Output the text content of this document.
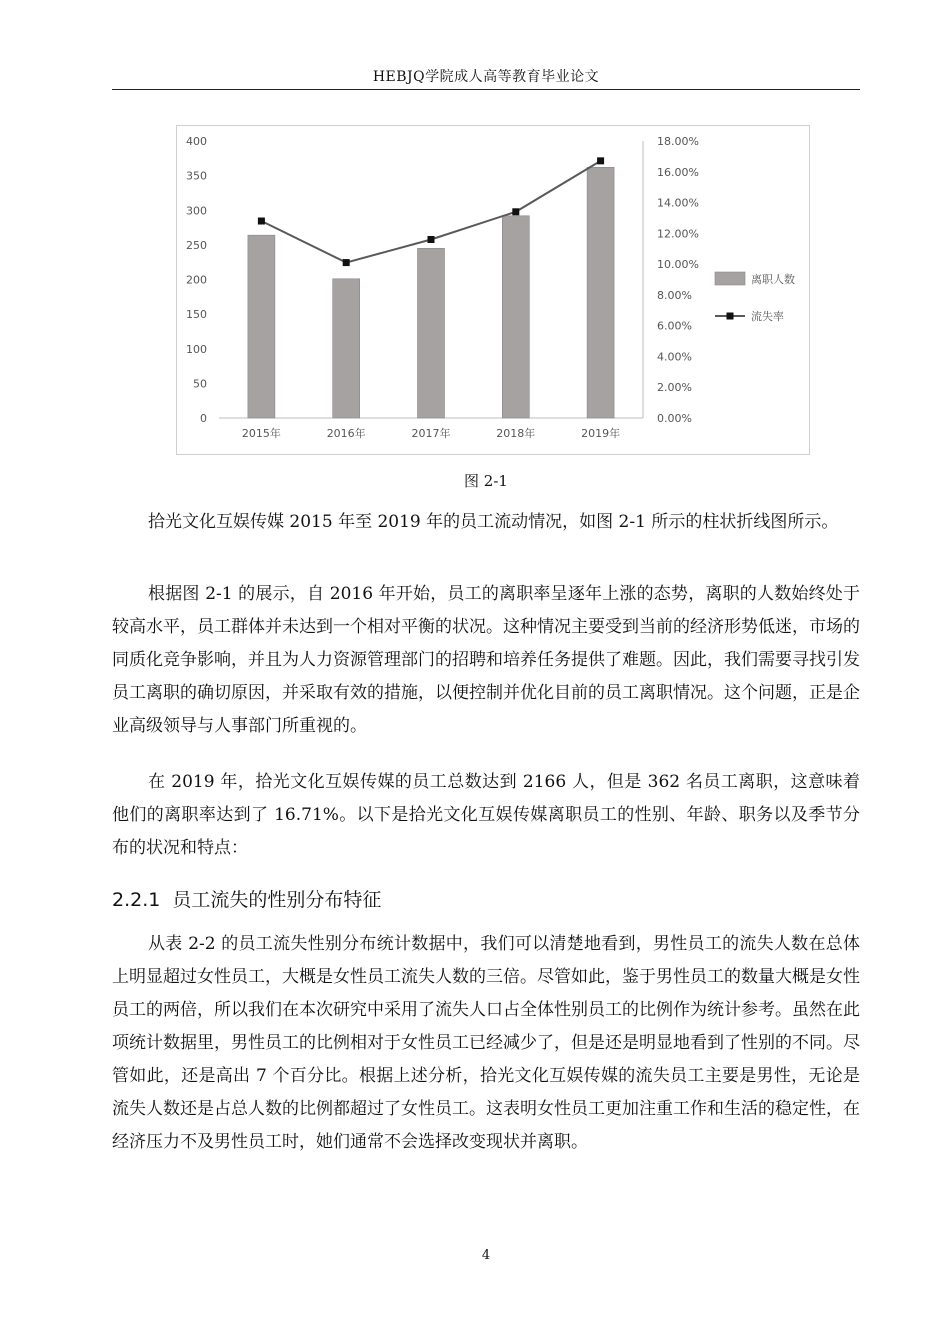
HEBJQ学院成人高等教育毕业论文
0
50
100
150
200
250
300
350
400
0.00%
2.00%
4.00%
6.00%
8.00%
10.00%
12.00%
14.00%
16.00%
18.00%
2015年	2016年	2017年	2018年	2019年
离职人数
流失率
图 2-1

拾光文化互娱传媒 2015 年至 2019 年的员工流动情况，如图 2-1 所示的柱状折线图所示。

根据图 2-1 的展示，自 2016 年开始，员工的离职率呈逐年上涨的态势，离职的人数始终处于较高水平，员工群体并未达到一个相对平衡的状况。这种情况主要受到当前的经济形势低迷，市场的同质化竞争影响，并且为人力资源管理部门的招聘和培养任务提供了难题。因此，我们需要寻找引发员工离职的确切原因，并采取有效的措施，以便控制并优化目前的员工离职情况。这个问题，正是企业高级领导与人事部门所重视的。

在 2019 年，拾光文化互娱传媒的员工总数达到 2166 人，但是 362 名员工离职，这意味着他们的离职率达到了 16.71%。以下是拾光文化互娱传媒离职员工的性别、年龄、职务以及季节分布的状况和特点：

2.2.1 员工流失的性别分布特征

从表 2-2 的员工流失性别分布统计数据中，我们可以清楚地看到，男性员工的流失人数在总体上明显超过女性员工，大概是女性员工流失人数的三倍。尽管如此，鉴于男性员工的数量大概是女性员工的两倍，所以我们在本次研究中采用了流失人口占全体性别员工的比例作为统计参考。虽然在此项统计数据里，男性员工的比例相对于女性员工已经减少了，但是还是明显地看到了性别的不同。尽管如此，还是高出 7 个百分比。根据上述分析，拾光文化互娱传媒的流失员工主要是男性，无论是流失人数还是占总人数的比例都超过了女性员工。这表明女性员工更加注重工作和生活的稳定性，在经济压力不及男性员工时，她们通常不会选择改变现状并离职。

4
